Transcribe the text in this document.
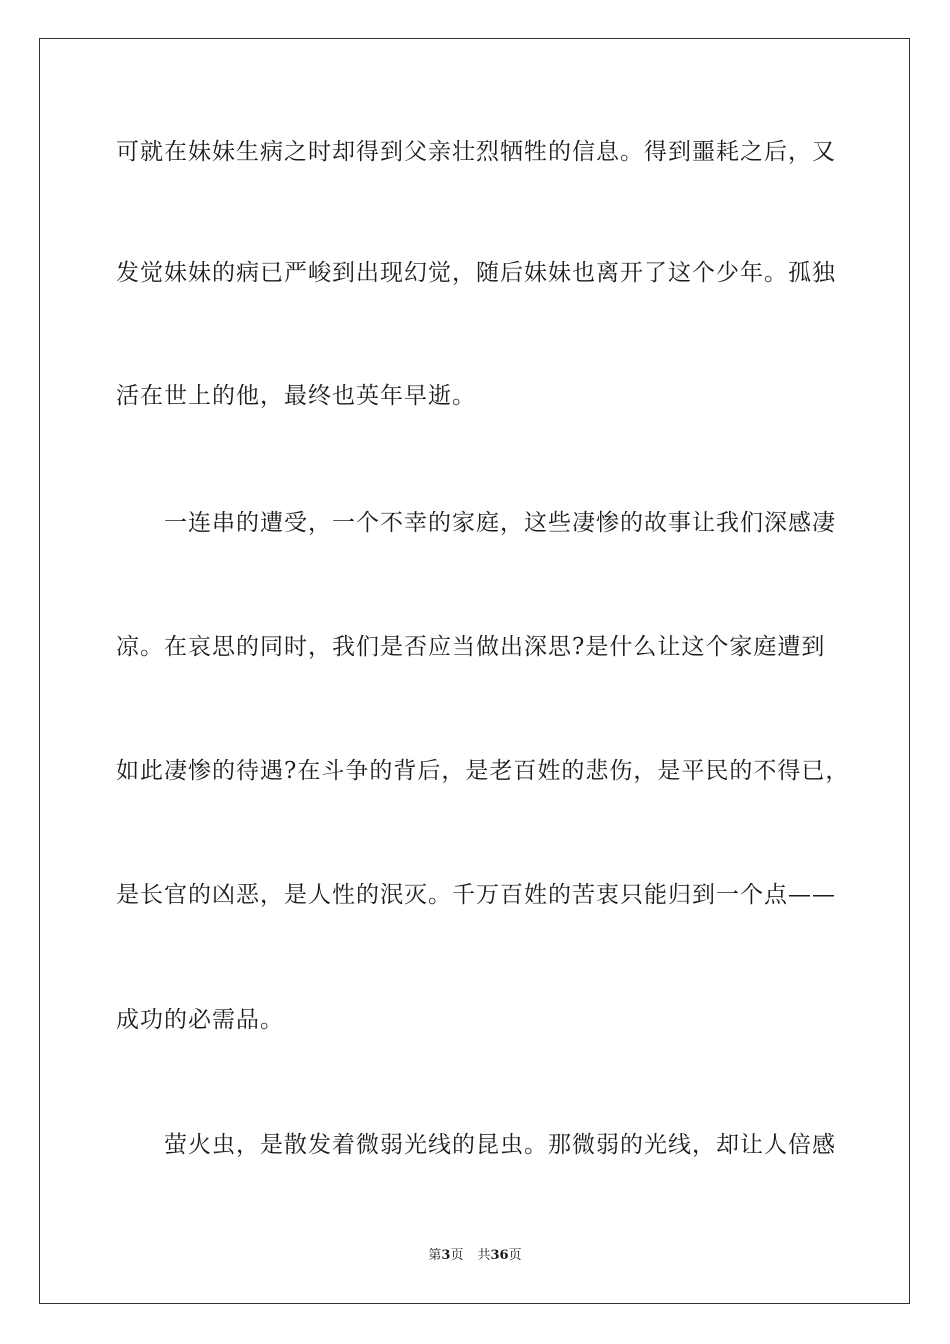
可就在妹妹生病之时却得到父亲壮烈牺牲的信息。得到噩耗之后，又
发觉妹妹的病已严峻到出现幻觉，随后妹妹也离开了这个少年。孤独
活在世上的他，最终也英年早逝。
一连串的遭受，一个不幸的家庭，这些凄惨的故事让我们深感凄
凉。在哀思的同时，我们是否应当做出深思?是什么让这个家庭遭到
如此凄惨的待遇?在斗争的背后，是老百姓的悲伤，是平民的不得已，
是长官的凶恶，是人性的泯灭。千万百姓的苦衷只能归到一个点——
成功的必需品。
萤火虫，是散发着微弱光线的昆虫。那微弱的光线，却让人倍感
第3页 共36页
